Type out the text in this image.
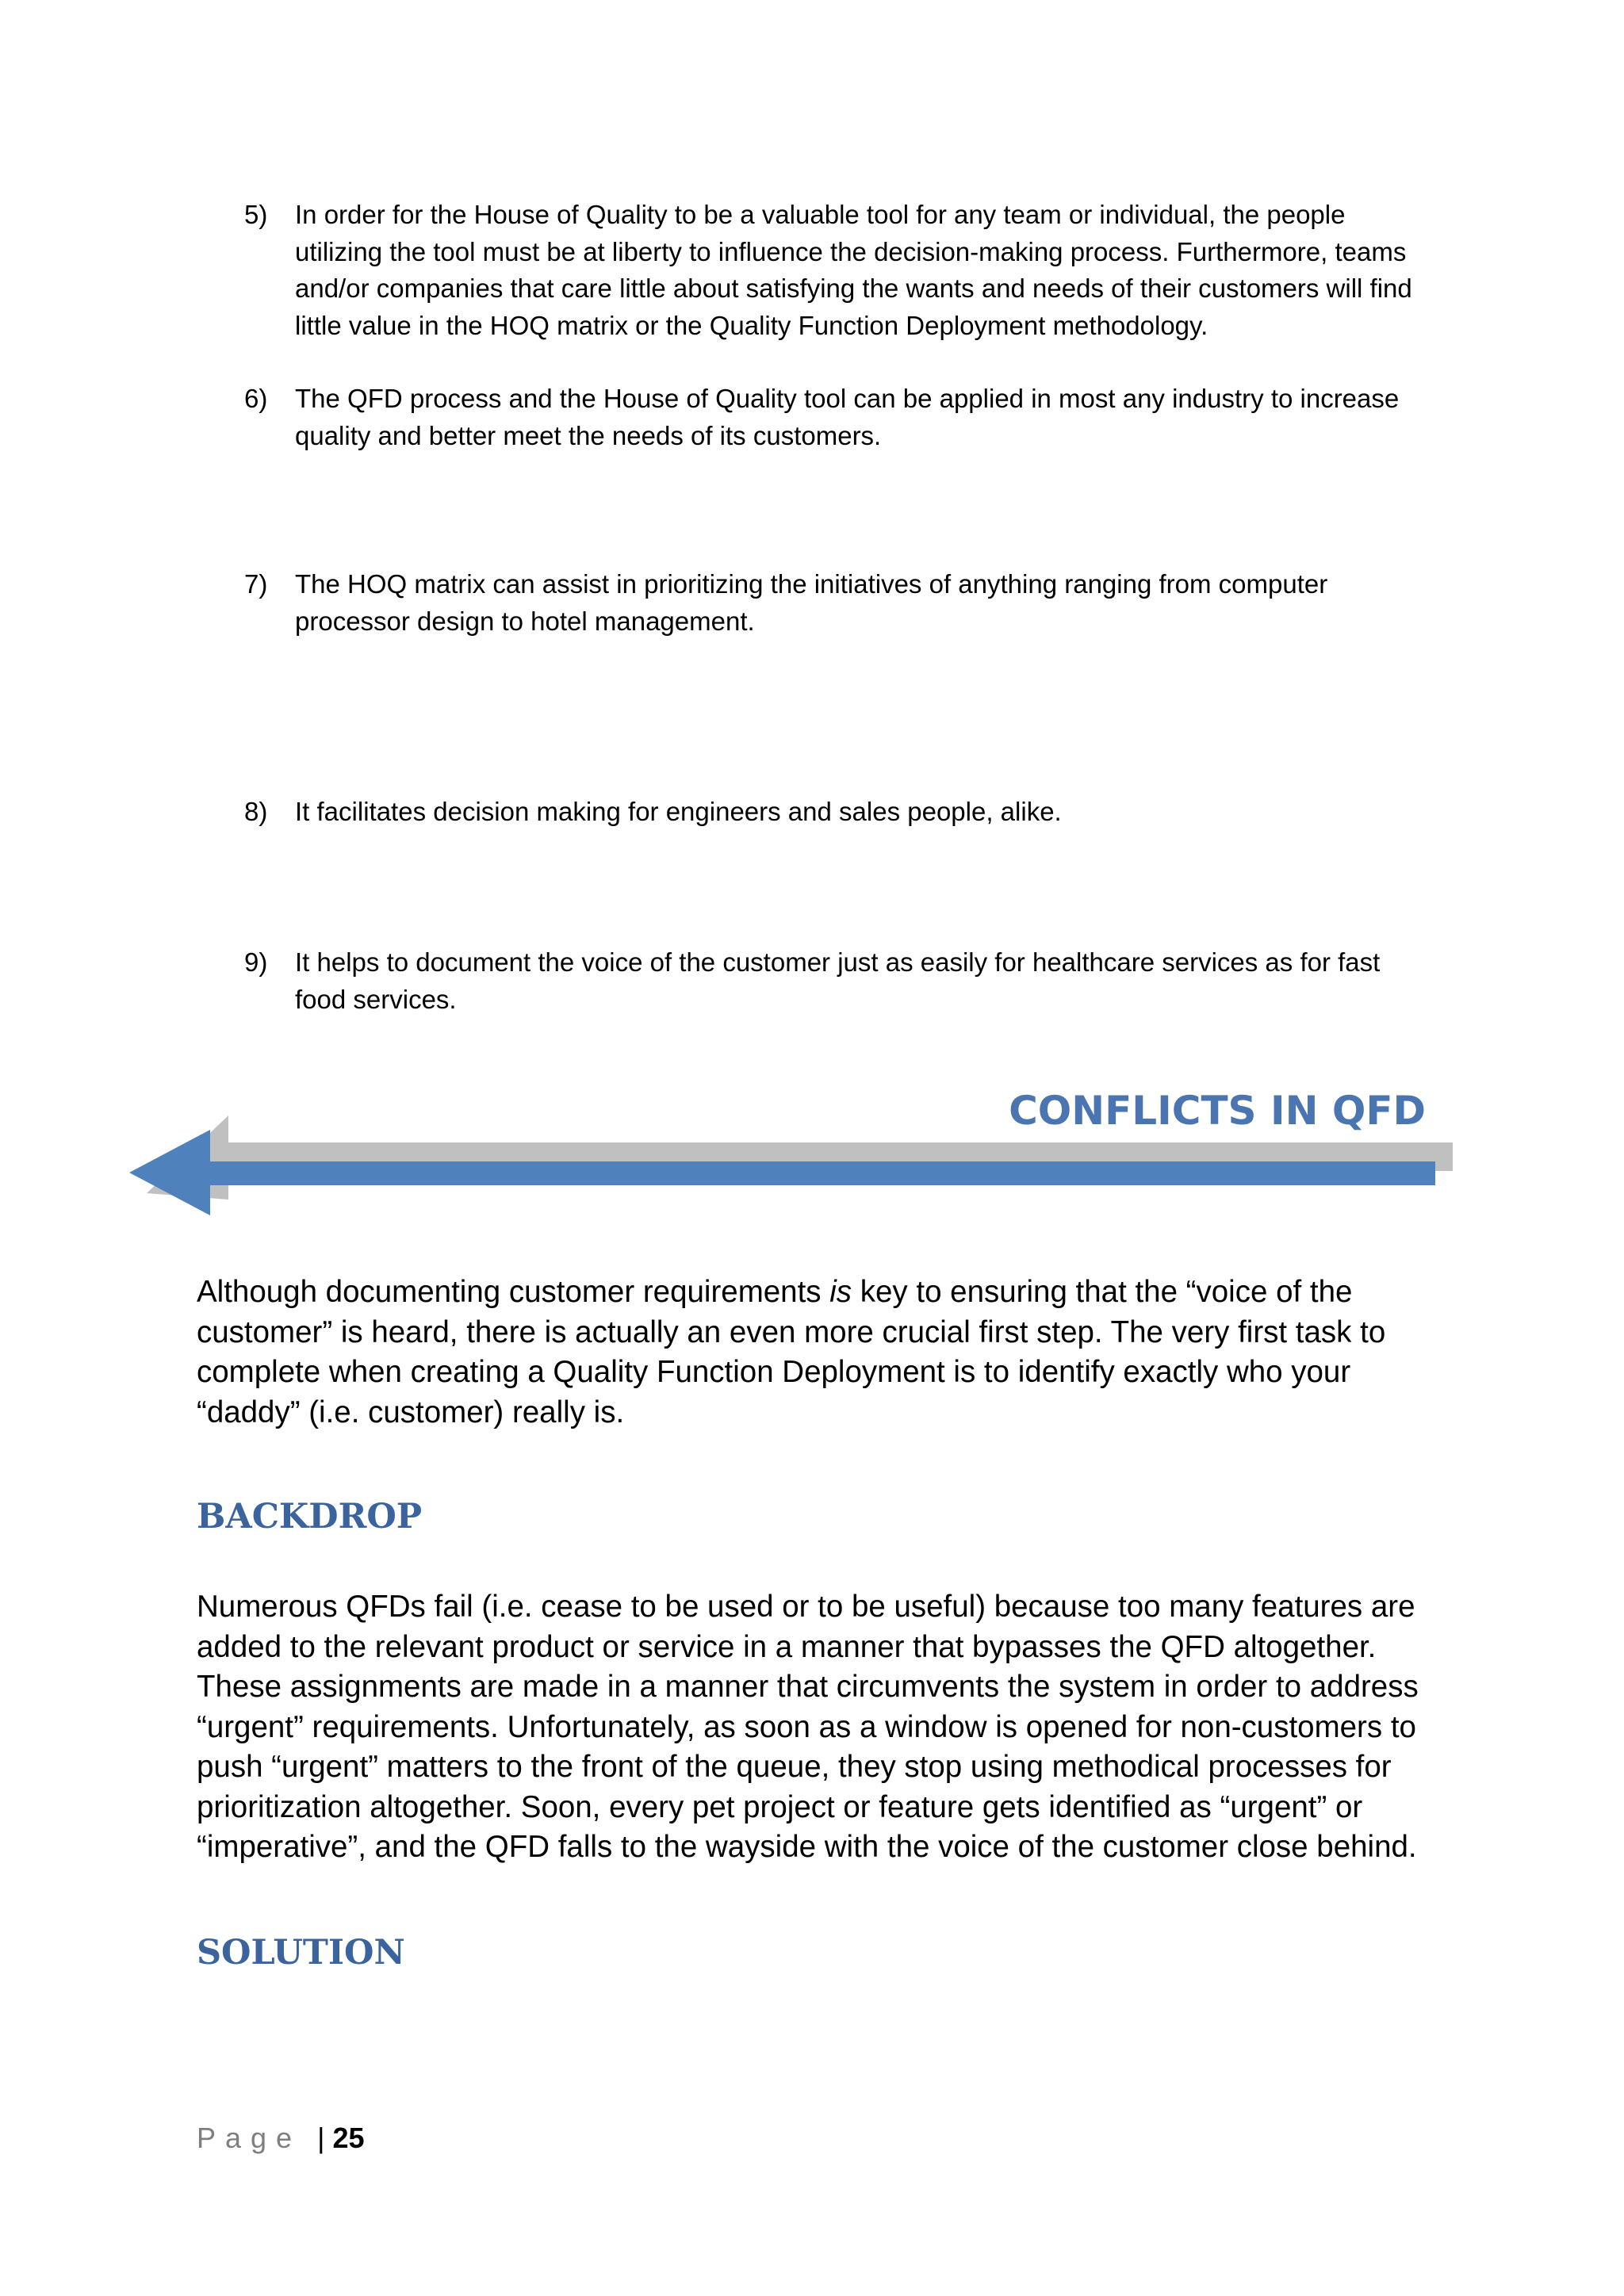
5)	In order for the House of Quality to be a valuable tool for any team or individual, the people utilizing the tool must be at liberty to influence the decision-making process. Furthermore, teams and/or companies that care little about satisfying the wants and needs of their customers will find little value in the HOQ matrix or the Quality Function Deployment methodology.
6)	The QFD process and the House of Quality tool can be applied in most any industry to increase quality and better meet the needs of its customers.
7)	The HOQ matrix can assist in prioritizing the initiatives of anything ranging from computer processor design to hotel management.
8)	It facilitates decision making for engineers and sales people, alike.
9)	It helps to document the voice of the customer just as easily for healthcare services as for fast food services.
CONFLICTS IN QFD
Although documenting customer requirements is key to ensuring that the “voice of the customer” is heard, there is actually an even more crucial first step. The very first task to complete when creating a Quality Function Deployment is to identify exactly who your “daddy” (i.e. customer) really is.
BACKDROP
Numerous QFDs fail (i.e. cease to be used or to be useful) because too many features are added to the relevant product or service in a manner that bypasses the QFD altogether. These assignments are made in a manner that circumvents the system in order to address “urgent” requirements. Unfortunately, as soon as a window is opened for non-customers to push “urgent” matters to the front of the queue, they stop using methodical processes for prioritization altogether. Soon, every pet project or feature gets identified as “urgent” or “imperative”, and the QFD falls to the wayside with the voice of the customer close behind.
SOLUTION
Page | 25
